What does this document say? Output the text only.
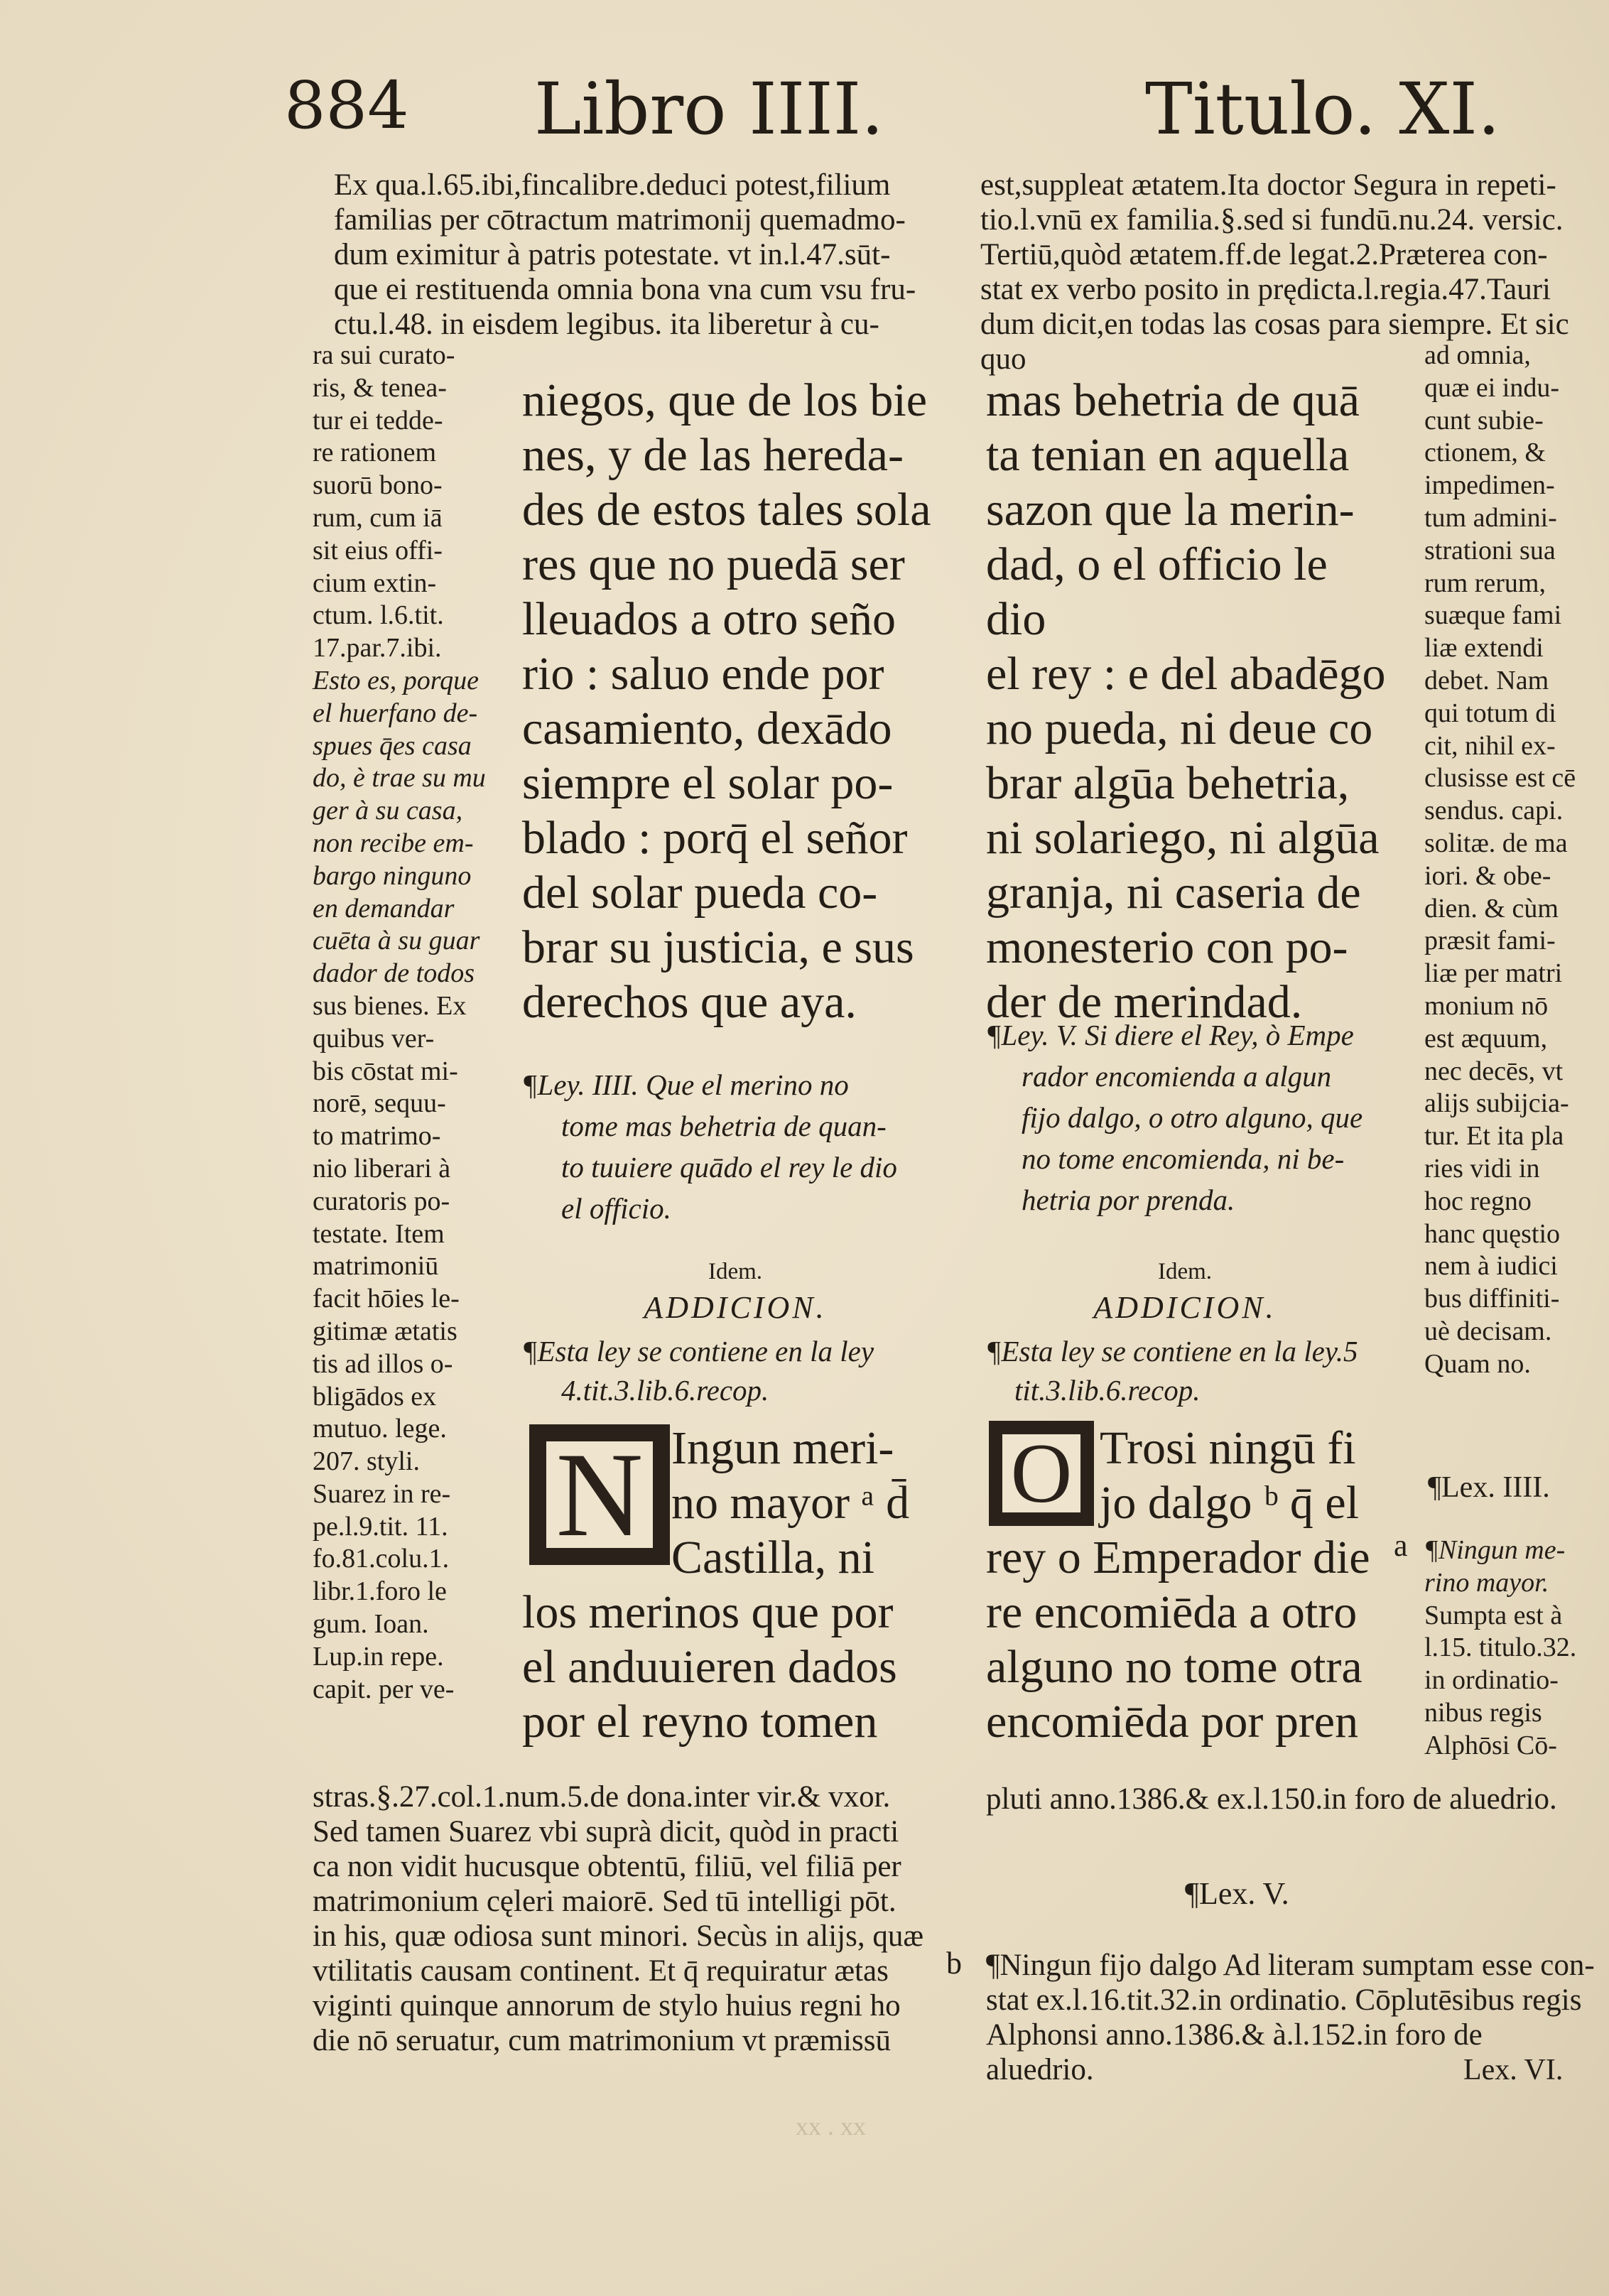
884 Libro IIII.	Titulo. XI.
Ex qua.l.65.ibi,fincalibre.deduci potest,filium
familias per cōtractum matrimonij quemadmo-
dum eximitur à patris potestate. vt in.l.47.sūt-
que ei restituenda omnia bona vna cum vsu fru-
ctu.l.48. in eisdem legibus. ita liberetur à cu-
est,suppleat ætatem.Ita doctor Segura in repeti-
tio.l.vnū ex familia.§.sed si fundū.nu.24. versic.
Tertiū,quòd ætatem.ff.de legat.2.Præterea con-
stat ex verbo posito in prędicta.l.regia.47.Tauri
dum dicit,en todas las cosas para siempre. Et sic quo
ra sui curato-
ris, & tenea-
tur ei tedde-
re rationem
suorū bono-
rum, cum iā
sit eius offi-
cium extin-
ctum. l.6.tit.
17.par.7.ibi.
Esto es, porque
el huerfano de-
spues q̄es casa
do, è trae su mu
ger à su casa,
non recibe em-
bargo ninguno
en demandar
cuēta à su guar
dador de todos
sus bienes. Ex
quibus ver-
bis cōstat mi-
norē, sequu-
to matrimo-
nio liberari à
curatoris po-
testate. Item
matrimoniū
facit hōies le-
gitimæ ætatis
tis ad illos o-
bligādos ex
mutuo. lege.
207. styli.
Suarez in re-
pe.l.9.tit. 11.
fo.81.colu.1.
libr.1.foro le
gum. Ioan.
Lup.in repe.
capit. per ve-
niegos, que de los bie
nes, y de las hereda-
des de estos tales sola
res que no puedā ser
lleuados a otro seño
rio : saluo ende por
casamiento, dexādo
siempre el solar po-
blado : porq̄ el señor
del solar pueda co-
brar su justicia, e sus
derechos que aya.
mas behetria de quā
ta tenian en aquella
sazon que la merin-
dad, o el officio le dio
el rey : e del abadēgo
no pueda, ni deue co
brar algūa behetria,
ni solariego, ni algūa
granja, ni caseria de
monesterio con po-
der de merindad.
¶Ley. IIII. Que el merino no
tome mas behetria de quan-
to tuuiere quādo el rey le dio
el officio.
Idem.
ADDICION.
¶Esta ley se contiene en la ley
4.tit.3.lib.6.recop.
N Ingun meri-
no mayor ᵃ d̄
Castilla, ni
los merinos que por
el anduuieren dados
por el reyno tomen
¶Ley. V. Si diere el Rey, ò Empe
rador encomienda a algun
fijo dalgo, o otro alguno, que
no tome encomienda, ni be-
hetria por prenda.
Idem.
ADDICION.
¶Esta ley se contiene en la ley.5
tit.3.lib.6.recop.
O Trosi ningū fi
jo dalgo ᵇ q̄ el
rey o Emperador die
re encomiēda a otro
alguno no tome otra
encomiēda por pren
ad omnia,
quæ ei indu-
cunt subie-
ctionem, &
impedimen-
tum admini-
strationi sua
rum rerum,
suæque fami
liæ extendi
debet. Nam
qui totum di
cit, nihil ex-
clusisse est cē
sendus. capi.
solitæ. de ma
iori. & obe-
dien. & cùm
præsit fami-
liæ per matri
monium nō
est æquum,
nec decēs, vt
alijs subijcia-
tur. Et ita pla
ries vidi in
hoc regno
hanc quęstio
nem à iudici
bus diffiniti-
uè decisam.
Quam no.
¶Lex. IIII.
a ¶Ningun me-
rino mayor.
Sumpta est à
l.15. titulo.32.
in ordinatio-
nibus regis
Alphōsi Cō-
stras.§.27.col.1.num.5.de dona.inter vir.& vxor.
Sed tamen Suarez vbi suprà dicit, quòd in practi
ca non vidit hucusque obtentū, filiū, vel filiā per
matrimonium cęleri maiorē. Sed tū intelligi pōt.
in his, quæ odiosa sunt minori. Secùs in alijs, quæ
vtilitatis causam continent. Et q̄ requiratur ætas
viginti quinque annorum de stylo huius regni ho
die nō seruatur, cum matrimonium vt præmissū
pluti anno.1386.& ex.l.150.in foro de aluedrio.
¶Lex. V.
b ¶Ningun fijo dalgo Ad literam sumptam esse con-
stat ex.l.16.tit.32.in ordinatio. Cōplutēsibus regis
Alphonsi anno.1386.& à.l.152.in foro de aluedrio.	Lex. VI.
xx . xx
